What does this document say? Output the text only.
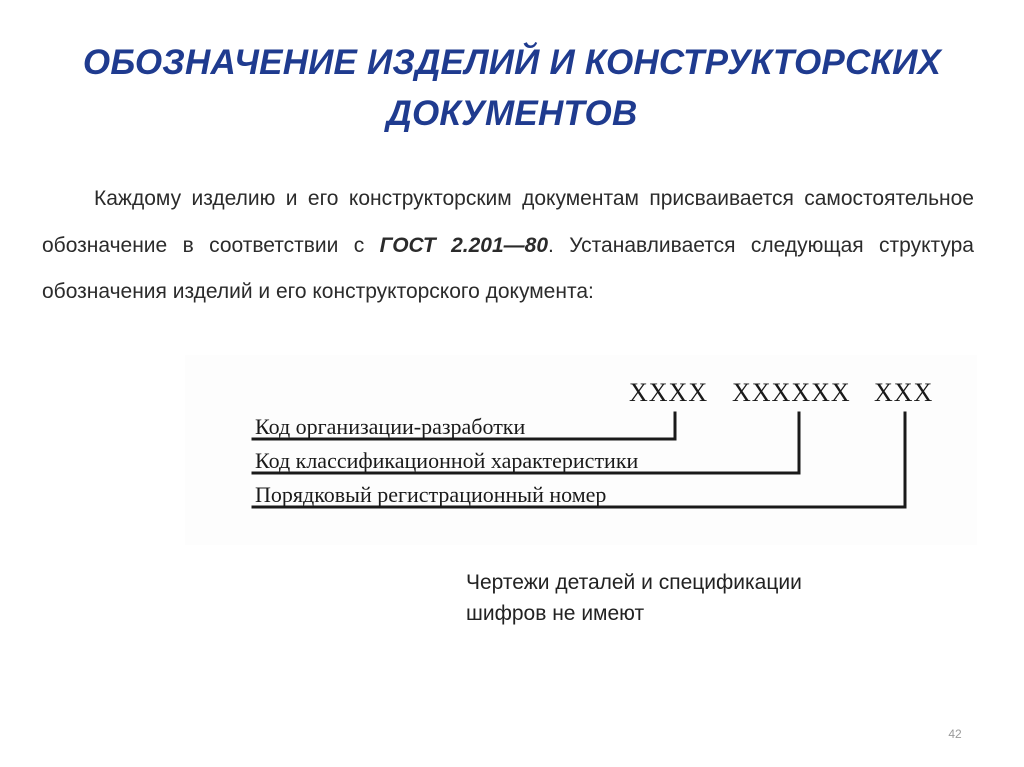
ОБОЗНАЧЕНИЕ ИЗДЕЛИЙ И КОНСТРУКТОРСКИХ
ДОКУМЕНТОВ
Каждому изделию и его конструкторским документам присваивается самостоятельное обозначение в соответствии с ГОСТ 2.201—80. Устанавливается следующая структура обозначения изделий и его конструкторского документа:
XXXX XXXXXX XXX
Код организации-разработки
Код классификационной характеристики
Порядковый регистрационный номер
Чертежи деталей и спецификации
шифров не имеют
42
